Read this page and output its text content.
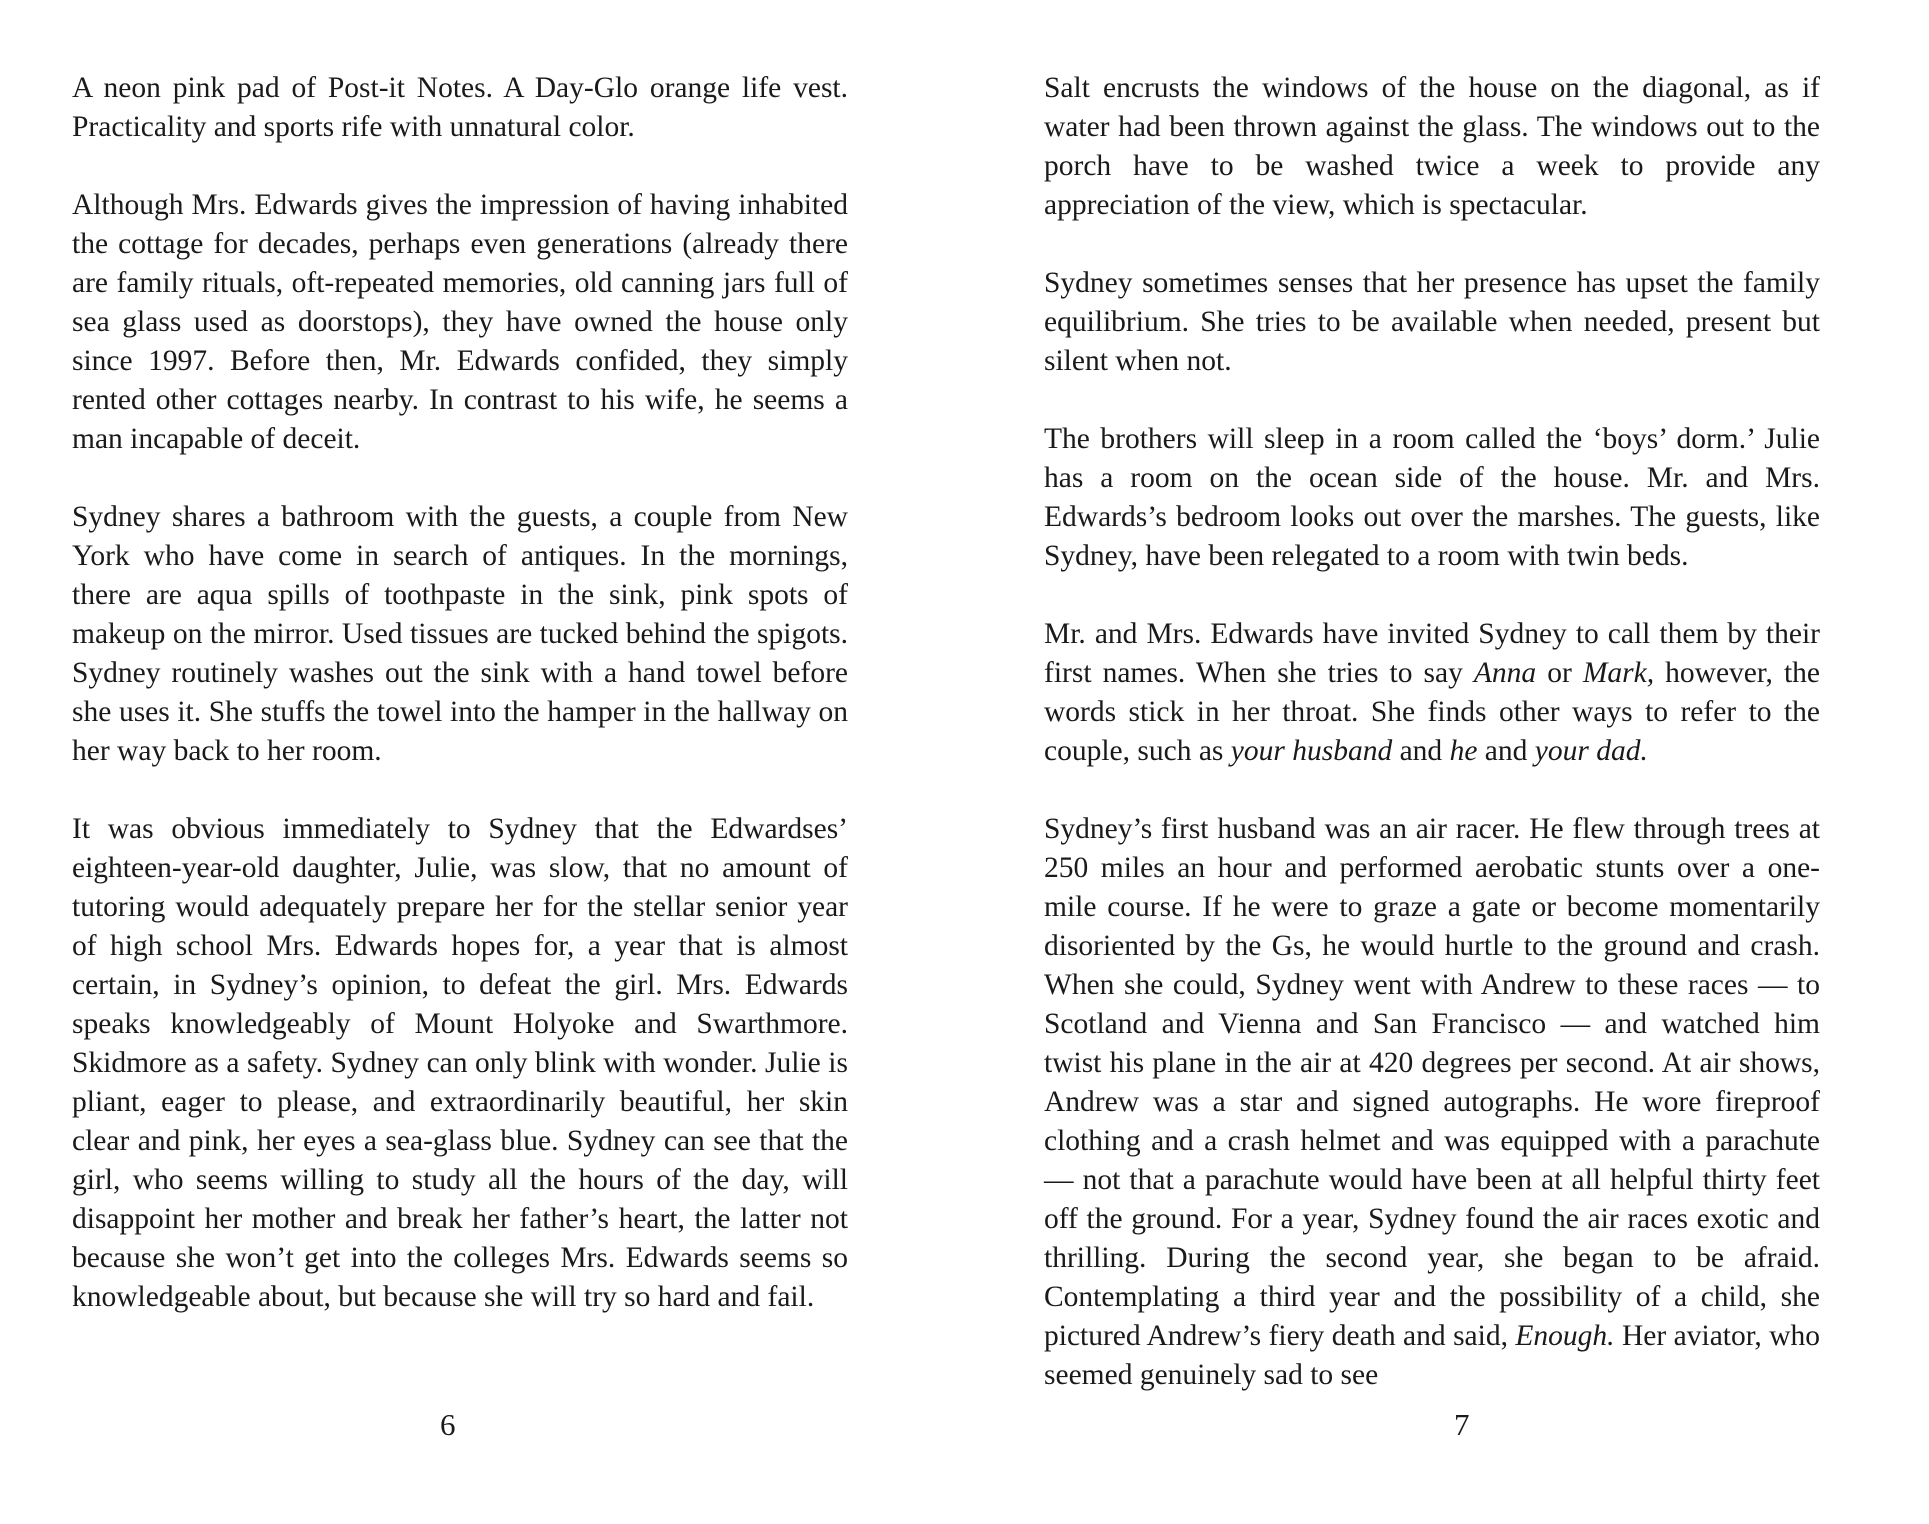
A neon pink pad of Post-it Notes. A Day-Glo orange life vest. Practicality and sports rife with unnatural color.

Although Mrs. Edwards gives the impression of having inhabited the cottage for decades, perhaps even generations (already there are family rituals, oft-repeated memories, old canning jars full of sea glass used as doorstops), they have owned the house only since 1997. Before then, Mr. Edwards confided, they simply rented other cottages nearby. In contrast to his wife, he seems a man incapable of deceit.

Sydney shares a bathroom with the guests, a couple from New York who have come in search of antiques. In the mornings, there are aqua spills of toothpaste in the sink, pink spots of makeup on the mirror. Used tissues are tucked behind the spigots. Sydney routinely washes out the sink with a hand towel before she uses it. She stuffs the towel into the hamper in the hallway on her way back to her room.

It was obvious immediately to Sydney that the Edwardses’ eighteen-year-old daughter, Julie, was slow, that no amount of tutoring would adequately prepare her for the stellar senior year of high school Mrs. Edwards hopes for, a year that is almost certain, in Sydney’s opinion, to defeat the girl. Mrs. Edwards speaks knowledgeably of Mount Holyoke and Swarthmore. Skidmore as a safety. Sydney can only blink with wonder. Julie is pliant, eager to please, and extraordinarily beautiful, her skin clear and pink, her eyes a sea-glass blue. Sydney can see that the girl, who seems willing to study all the hours of the day, will disappoint her mother and break her father’s heart, the latter not because she won’t get into the colleges Mrs. Edwards seems so knowledgeable about, but because she will try so hard and fail.

6

Salt encrusts the windows of the house on the diagonal, as if water had been thrown against the glass. The windows out to the porch have to be washed twice a week to provide any appreciation of the view, which is spectacular.

Sydney sometimes senses that her presence has upset the family equilibrium. She tries to be available when needed, present but silent when not.

The brothers will sleep in a room called the ‘boys’ dorm.’ Julie has a room on the ocean side of the house. Mr. and Mrs. Edwards’s bedroom looks out over the marshes. The guests, like Sydney, have been relegated to a room with twin beds.

Mr. and Mrs. Edwards have invited Sydney to call them by their first names. When she tries to say Anna or Mark, however, the words stick in her throat. She finds other ways to refer to the couple, such as your husband and he and your dad.

Sydney’s first husband was an air racer. He flew through trees at 250 miles an hour and performed aerobatic stunts over a one-mile course. If he were to graze a gate or become momentarily disoriented by the Gs, he would hurtle to the ground and crash. When she could, Sydney went with Andrew to these races — to Scotland and Vienna and San Francisco — and watched him twist his plane in the air at 420 degrees per second. At air shows, Andrew was a star and signed autographs. He wore fireproof clothing and a crash helmet and was equipped with a parachute — not that a parachute would have been at all helpful thirty feet off the ground. For a year, Sydney found the air races exotic and thrilling. During the second year, she began to be afraid. Contemplating a third year and the possibility of a child, she pictured Andrew’s fiery death and said, Enough. Her aviator, who seemed genuinely sad to see

7
